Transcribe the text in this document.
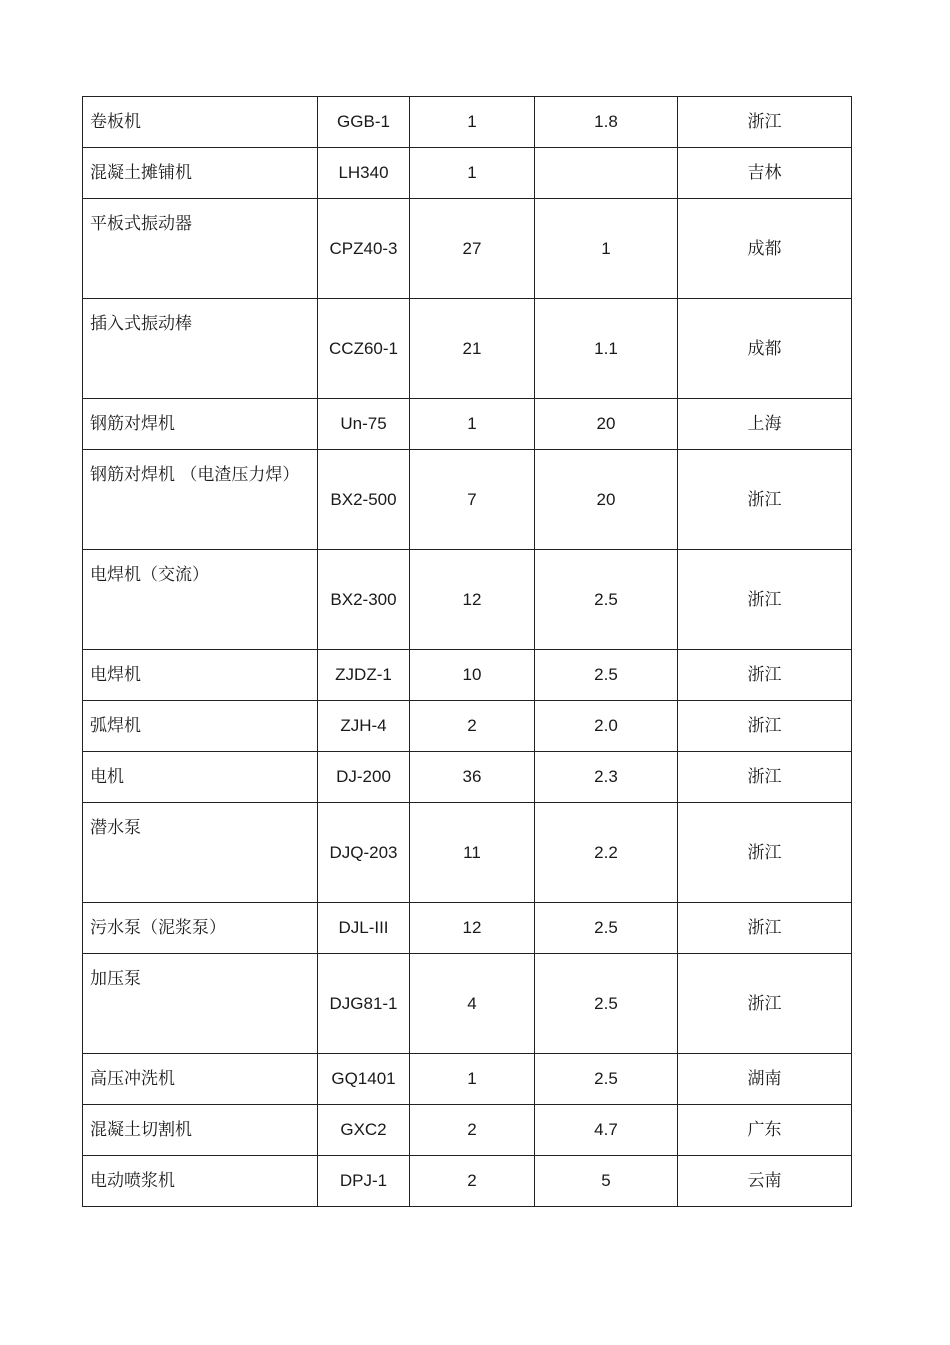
卷板机	GGB-1	1	1.8	浙江
混凝土摊铺机	LH340	1		吉林
平板式振动器	CPZ40-3	27	1	成都
插入式振动棒	CCZ60-1	21	1.1	成都
钢筋对焊机	Un-75	1	20	上海
钢筋对焊机 （电渣压力焊）	BX2-500	7	20	浙江
电焊机（交流）	BX2-300	12	2.5	浙江
电焊机	ZJDZ-1	10	2.5	浙江
弧焊机	ZJH-4	2	2.0	浙江
电机	DJ-200	36	2.3	浙江
潜水泵	DJQ-203	11	2.2	浙江
污水泵（泥浆泵）	DJL-III	12	2.5	浙江
加压泵	DJG81-1	4	2.5	浙江
高压冲洗机	GQ1401	1	2.5	湖南
混凝土切割机	GXC2	2	4.7	广东
电动喷浆机	DPJ-1	2	5	云南
